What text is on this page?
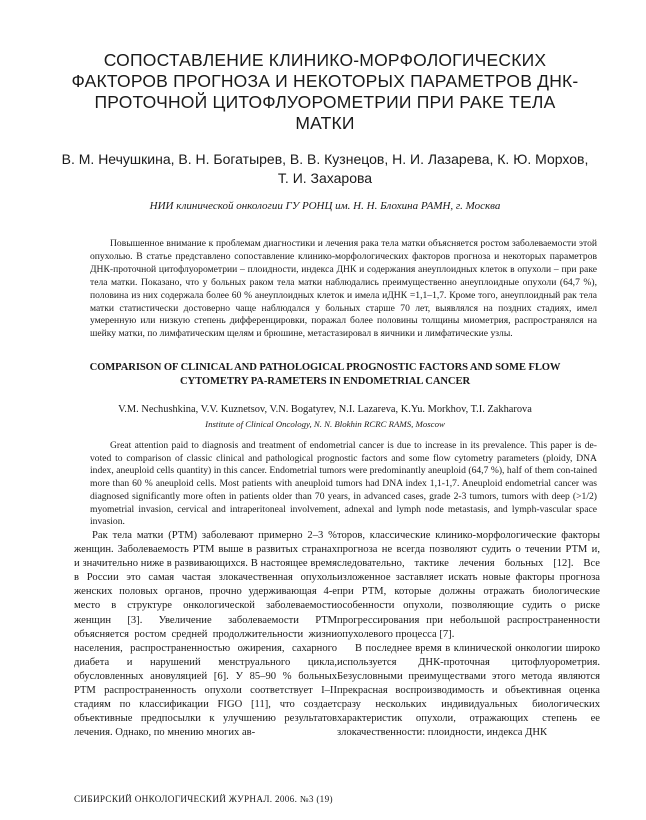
СОПОСТАВЛЕНИЕ КЛИНИКО-МОРФОЛОГИЧЕСКИХ ФАКТОРОВ ПРОГНОЗА И НЕКОТОРЫХ ПАРАМЕТРОВ ДНК-ПРОТОЧНОЙ ЦИТОФЛУОРОМЕТРИИ ПРИ РАКЕ ТЕЛА МАТКИ
В. М. Нечушкина, В. Н. Богатырев, В. В. Кузнецов, Н. И. Лазарева, К. Ю. Морхов, Т. И. Захарова
НИИ клинической онкологии ГУ РОНЦ им. Н. Н. Блохина РАМН, г. Москва

Повышенное внимание к проблемам диагностики и лечения рака тела матки объясняется ростом заболеваемости этой опухолью. В статье представлено сопоставление клинико-морфологических факторов прогноза и некоторых параметров ДНК-проточной цитофлуорометрии – плоидности, индекса ДНК и содержания анеуплоидных клеток в опухоли – при раке тела матки. Показано, что у больных раком тела матки наблюдались преимущественно анеуплоидные опухоли (64,7 %), половина из них содержала более 60 % анеуплоидных клеток и имела иДНК =1,1–1,7. Кроме того, анеуплоидный рак тела матки статистически достоверно чаще наблюдался у больных старше 70 лет, выявлялся на поздних стадиях, имел умеренную или низкую степень дифференцировки, поражал более половины толщины миометрия, распространялся на шейку матки, по лимфатическим щелям и брюшине, метастазировал в яичники и лимфатические узлы.

COMPARISON OF CLINICAL AND PATHOLOGICAL PROGNOSTIC FACTORS AND SOME FLOW CYTOMETRY PA-RAMETERS IN ENDOMETRIAL CANCER
V.M. Nechushkina, V.V. Kuznetsov, V.N. Bogatyrev, N.I. Lazareva, K.Yu. Morkhov, T.I. Zakharova
Institute of Clinical Oncology, N. N. Blokhin RCRC RAMS, Moscow

Great attention paid to diagnosis and treatment of endometrial cancer is due to increase in its prevalence. This paper is de-voted to comparison of classic clinical and pathological prognostic factors and some flow cytometry parameters (ploidy, DNA index, aneuploid cells quantity) in this cancer. Endometrial tumors were predominantly aneuploid (64,7 %), half of them con-tained more than 60 % aneuploid cells. Most patients with aneuploid tumors had DNA index 1,1-1,7. Aneuploid endometrial cancer was diagnosed significantly more often in patients older than 70 years, in advanced cases, grade 2-3 tumors, tumors with deep (>1/2) myometrial invasion, cervical and intraperitoneal involvement, adnexal and lymph node metastasis, and lymph-vascular space invasion.

Рак тела матки (РТМ) заболевают примерно 2–3 % женщин. Заболеваемость РТМ выше в развитых странах и значительно ниже в развивающихся. В настоящее время в России это самая частая злокачественная опухоль женских половых органов, прочно удерживающая 4-е место в структуре онкологической заболеваемости женщин [3]. Увеличение заболеваемости РТМ объясняется ростом средней продолжительности жизни населения, распространенностью ожирения, сахарного диабета и нарушений менструального цикла, обусловленных ановуляцией [6]. У 85–90 % больных РТМ распространенность опухоли соответствует I–II стадиям по классификации FIGO [11], что создает объективные предпосылки к улучшению результатов лечения. Однако, по мнению многих ав-

торов, классические клинико-морфологические факторы прогноза не всегда позволяют судить о течении РТМ и, следовательно, тактике лечения больных [12]. Все изложенное заставляет искать новые факторы прогноза при РТМ, которые должны отражать биологические особенности опухоли, позволяющие судить о риске прогрессирования при небольшой распространенности опухолевого процесса [7].

В последнее время в клинической онкологии широко используется ДНК-проточная цитофлуорометрия. Безусловными преимуществами этого метода являются прекрасная воспроизводимость и объективная оценка сразу нескольких индивидуальных биологических характеристик опухоли, отражающих степень ее злокачественности: плоидности, индекса ДНК

СИБИРСКИЙ ОНКОЛОГИЧЕСКИЙ ЖУРНАЛ. 2006. №3 (19)
